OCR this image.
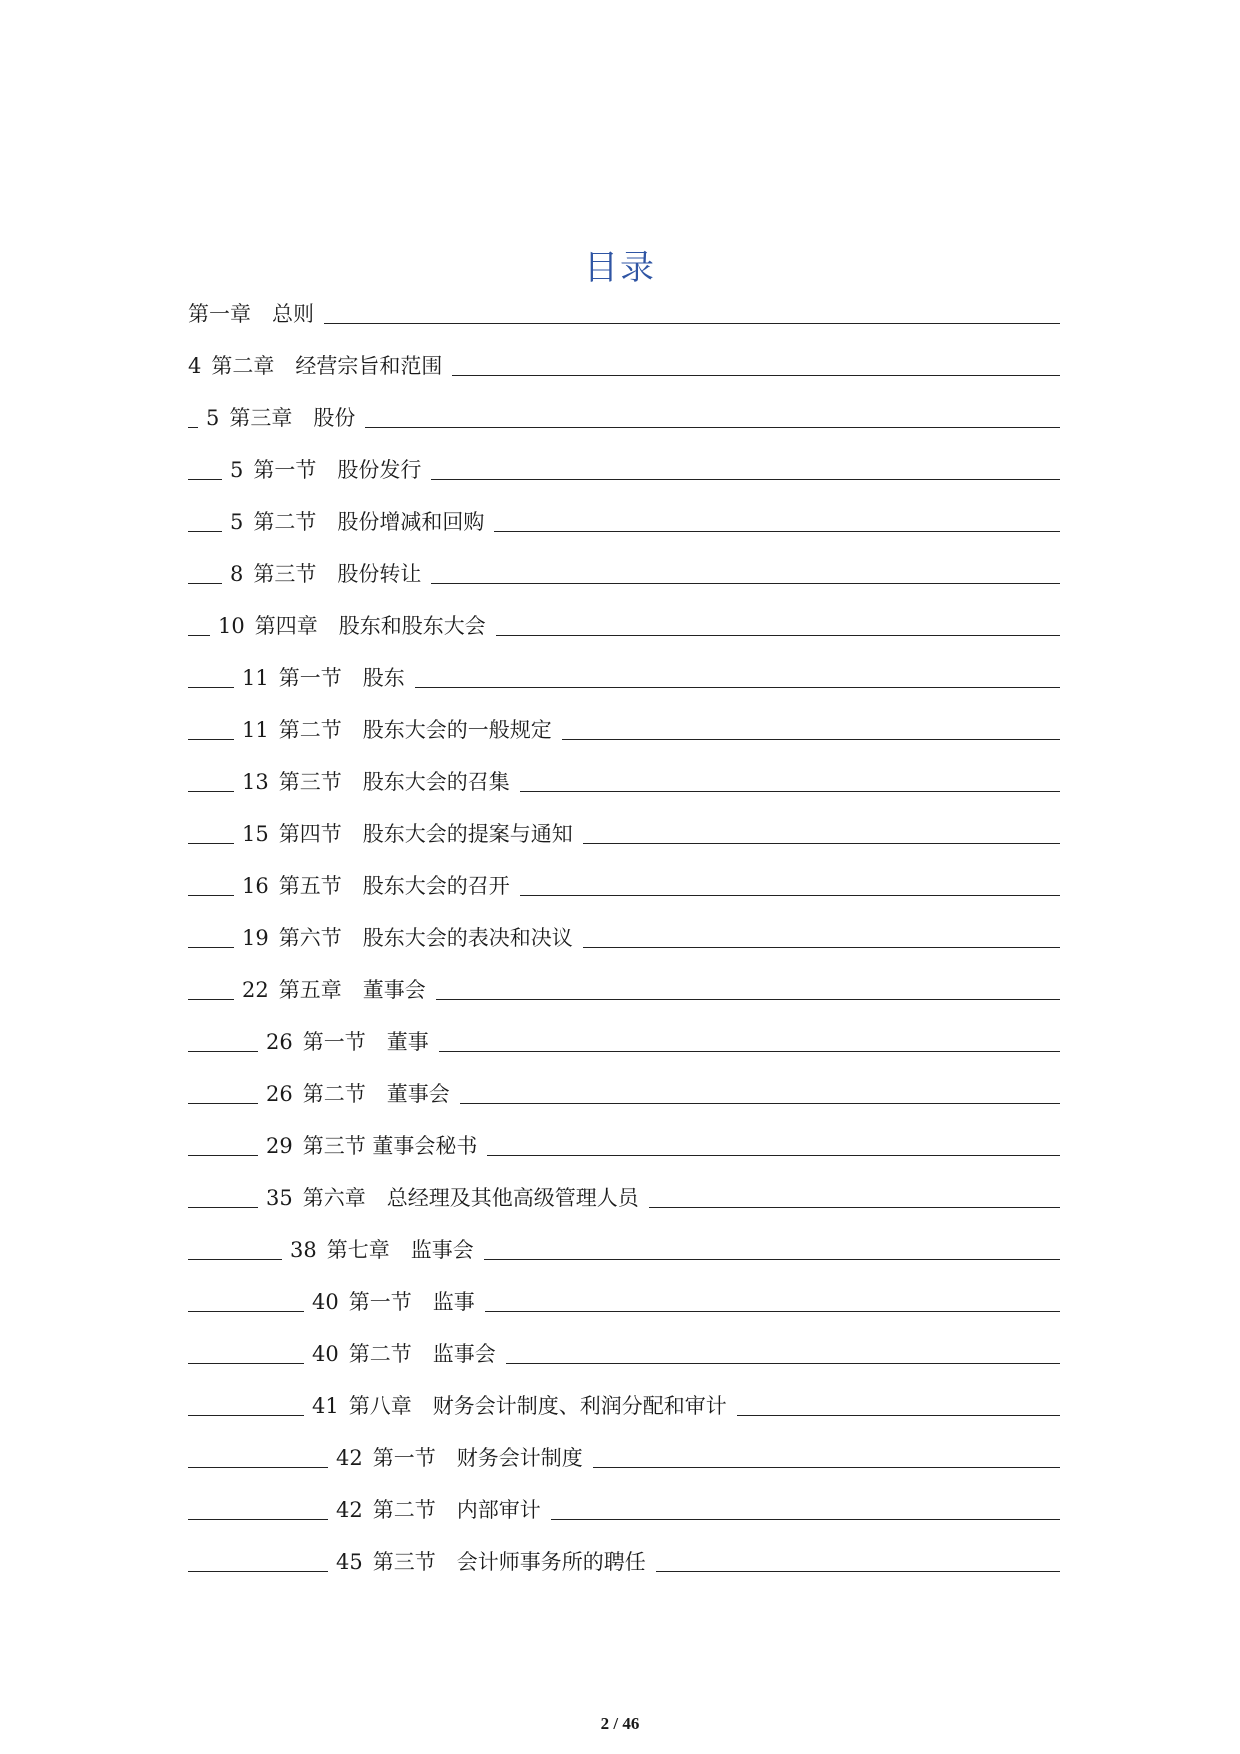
目录
第一章　总则
4 第二章　经营宗旨和范围
5 第三章　股份
5 第一节　股份发行
5 第二节　股份增减和回购
8 第三节　股份转让
10 第四章　股东和股东大会
11 第一节　股东
11 第二节　股东大会的一般规定
13 第三节　股东大会的召集
15 第四节　股东大会的提案与通知
16 第五节　股东大会的召开
19 第六节　股东大会的表决和决议
22 第五章　董事会
26 第一节　董事
26 第二节　董事会
29 第三节 董事会秘书
35 第六章　总经理及其他高级管理人员
38 第七章　监事会
40 第一节　监事
40 第二节　监事会
41 第八章　财务会计制度、利润分配和审计
42 第一节　财务会计制度
42 第二节　内部审计
45 第三节　会计师事务所的聘任
2 / 46
